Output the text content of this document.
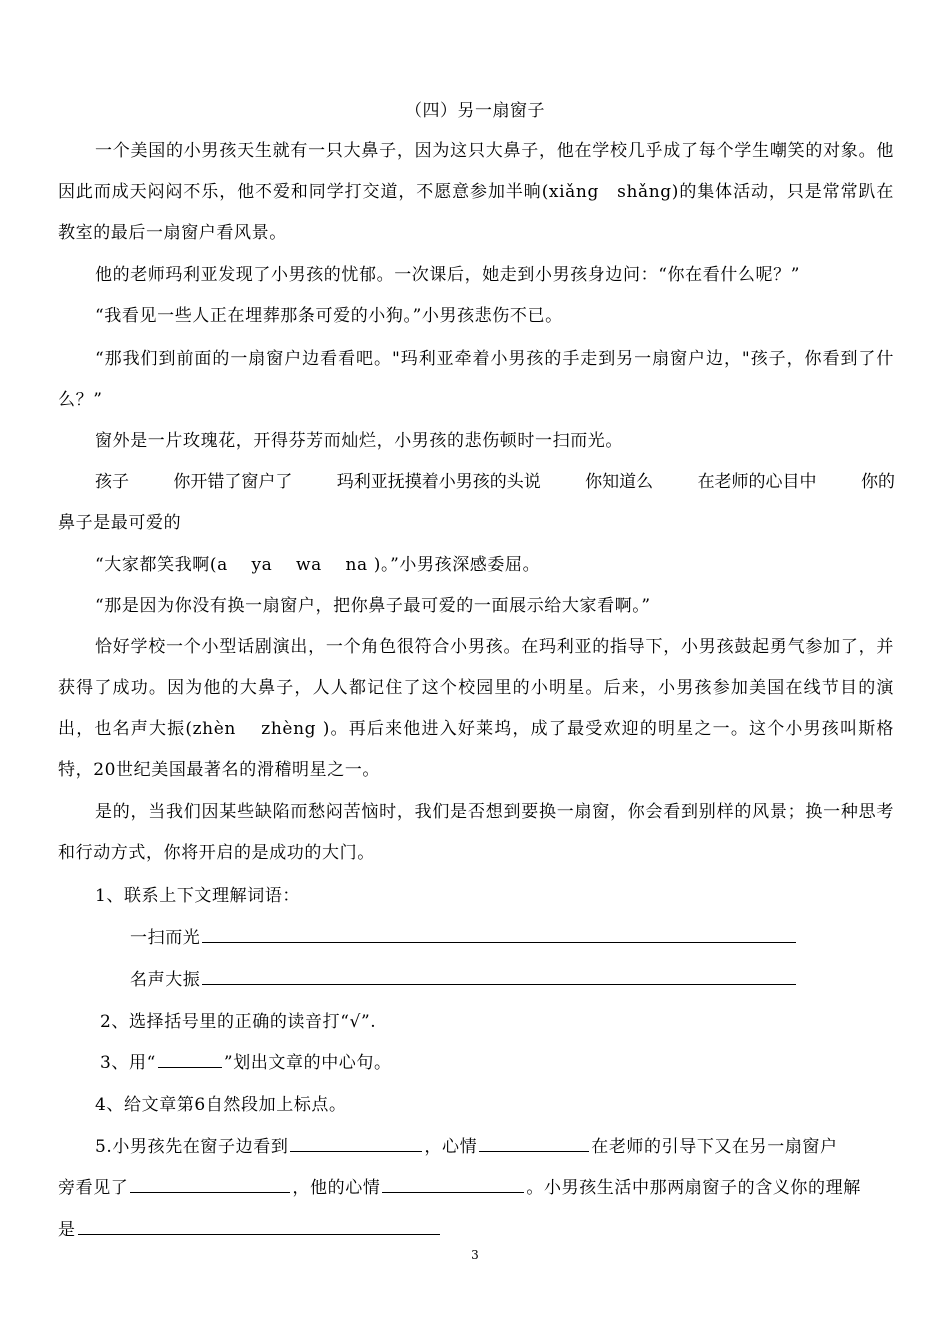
（四）另一扇窗子

一个美国的小男孩天生就有一只大鼻子，因为这只大鼻子，他在学校几乎成了每个学生嘲笑的对象。他因此而成天闷闷不乐，他不爱和同学打交道，不愿意参加半晌(xiǎng　shǎng)的集体活动，只是常常趴在教室的最后一扇窗户看风景。

他的老师玛利亚发现了小男孩的忧郁。一次课后，她走到小男孩身边问：“你在看什么呢？”

“我看见一些人正在埋葬那条可爱的小狗。”小男孩悲伤不已。

“那我们到前面的一扇窗户边看看吧。"玛利亚牵着小男孩的手走到另一扇窗户边，"孩子，你看到了什么？”

窗外是一片玫瑰花，开得芬芳而灿烂，小男孩的悲伤顿时一扫而光。

孩子	你开错了窗户了	玛利亚抚摸着小男孩的头说	你知道么	在老师的心目中	你的
鼻子是最可爱的
“大家都笑我啊(a　 ya　 wa　 na )。”小男孩深感委屈。
“那是因为你没有换一扇窗户，把你鼻子最可爱的一面展示给大家看啊。”

恰好学校一个小型话剧演出，一个角色很符合小男孩。在玛利亚的指导下，小男孩鼓起勇气参加了，并获得了成功。因为他的大鼻子，人人都记住了这个校园里的小明星。后来，小男孩参加美国在线节目的演出，也名声大振(zhèn　 zhèng )。再后来他进入好莱坞，成了最受欢迎的明星之一。这个小男孩叫斯格特，20世纪美国最著名的滑稽明星之一。

是的，当我们因某些缺陷而愁闷苦恼时，我们是否想到要换一扇窗，你会看到别样的风景；换一种思考和行动方式，你将开启的是成功的大门。

1、联系上下文理解词语：
一扫而光
名声大振
2、选择括号里的正确的读音打“√”.
3、用“	”划出文章的中心句。
4、给文章第6自然段加上标点。
5.小男孩先在窗子边看到	，心情	在老师的引导下又在另一扇窗户
旁看见了	，他的心情	。小男孩生活中那两扇窗子的含义你的理解
是
3
